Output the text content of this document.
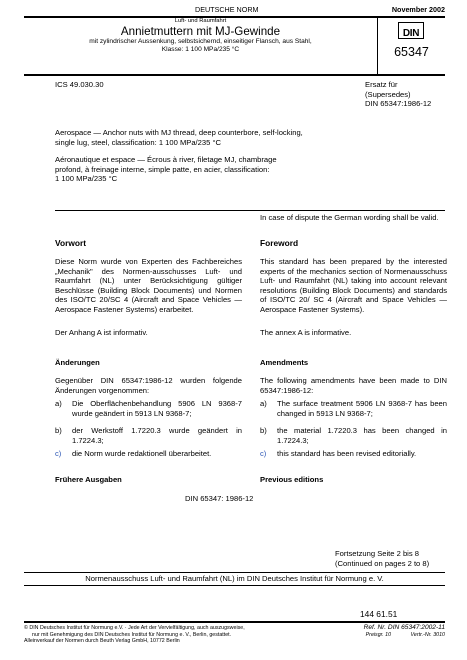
DEUTSCHE NORM	November 2002
Luft- und Raumfahrt
Annietmuttern mit MJ-Gewinde
mit zylindrischer Aussenkung, selbstsichernd, einseitiger Flansch, aus Stahl,
Klasse: 1 100 MPa/235 °C
DIN
65347
ICS 49.030.30	Ersatz für
(Supersedes)
DIN 65347:1986-12
Aerospace — Anchor nuts with MJ thread, deep counterbore, self-locking,
single lug, steel, classification: 1 100 MPa/235 °C
Aéronautique et espace — Écrous à river, filetage MJ, chambrage
profond, à freinage interne, simple patte, en acier, classification:
1 100 MPa/235 °C
In case of dispute the German wording shall be valid.
Vorwort	Foreword
Diese Norm wurde von Experten des Fachbereiches „Mechanik" des Normen-ausschusses Luft- und Raumfahrt (NL) unter Berücksichtigung gültiger Beschlüsse (Building Block Documents) und Normen des ISO/TC 20/SC 4 (Aircraft and Space Vehicles — Aerospace Fastener Systems) erarbeitet.
This standard has been prepared by the interested experts of the mechanics section of Normenausschuss Luft- und Raumfahrt (NL) taking into account relevant resolutions (Building Block Documents) and standards of ISO/TC 20/ SC 4 (Aircraft and Space Vehicles — Aerospace Fastener Systems).
Der Anhang A ist informativ.	The annex A is informative.
Änderungen	Amendments
Gegenüber DIN 65347:1986-12 wurden folgende Änderungen vorgenommen:
The following amendments have been made to DIN 65347:1986-12:
a) Die Oberflächenbehandlung 5906 LN 9368-7 wurde geändert in 5913 LN 9368-7;
b) der Werkstoff 1.7220.3 wurde geändert in 1.7224.3;
c) die Norm wurde redaktionell überarbeitet.
a) The surface treatment 5906 LN 9368-7 has been changed in 5913 LN 9368-7;
b) the material 1.7220.3 has been changed in 1.7224.3;
c) this standard has been revised editorially.
Frühere Ausgaben	Previous editions
DIN 65347: 1986-12
Fortsetzung Seite 2 bis 8
(Continued on pages 2 to 8)
Normenausschuss Luft- und Raumfahrt (NL) im DIN Deutsches Institut für Normung e. V.
144 61.51
© DIN Deutsches Institut für Normung e.V. · Jede Art der Vervielfältigung, auch auszugsweise,
nur mit Genehmigung des DIN Deutsches Institut für Normung e. V., Berlin, gestattet.
Alleinverkauf der Normen durch Beuth Verlag GmbH, 10772 Berlin
Ref. Nr. DIN 65347:2002-11
Preisgr. 10	Vertr.-Nr. 3010
